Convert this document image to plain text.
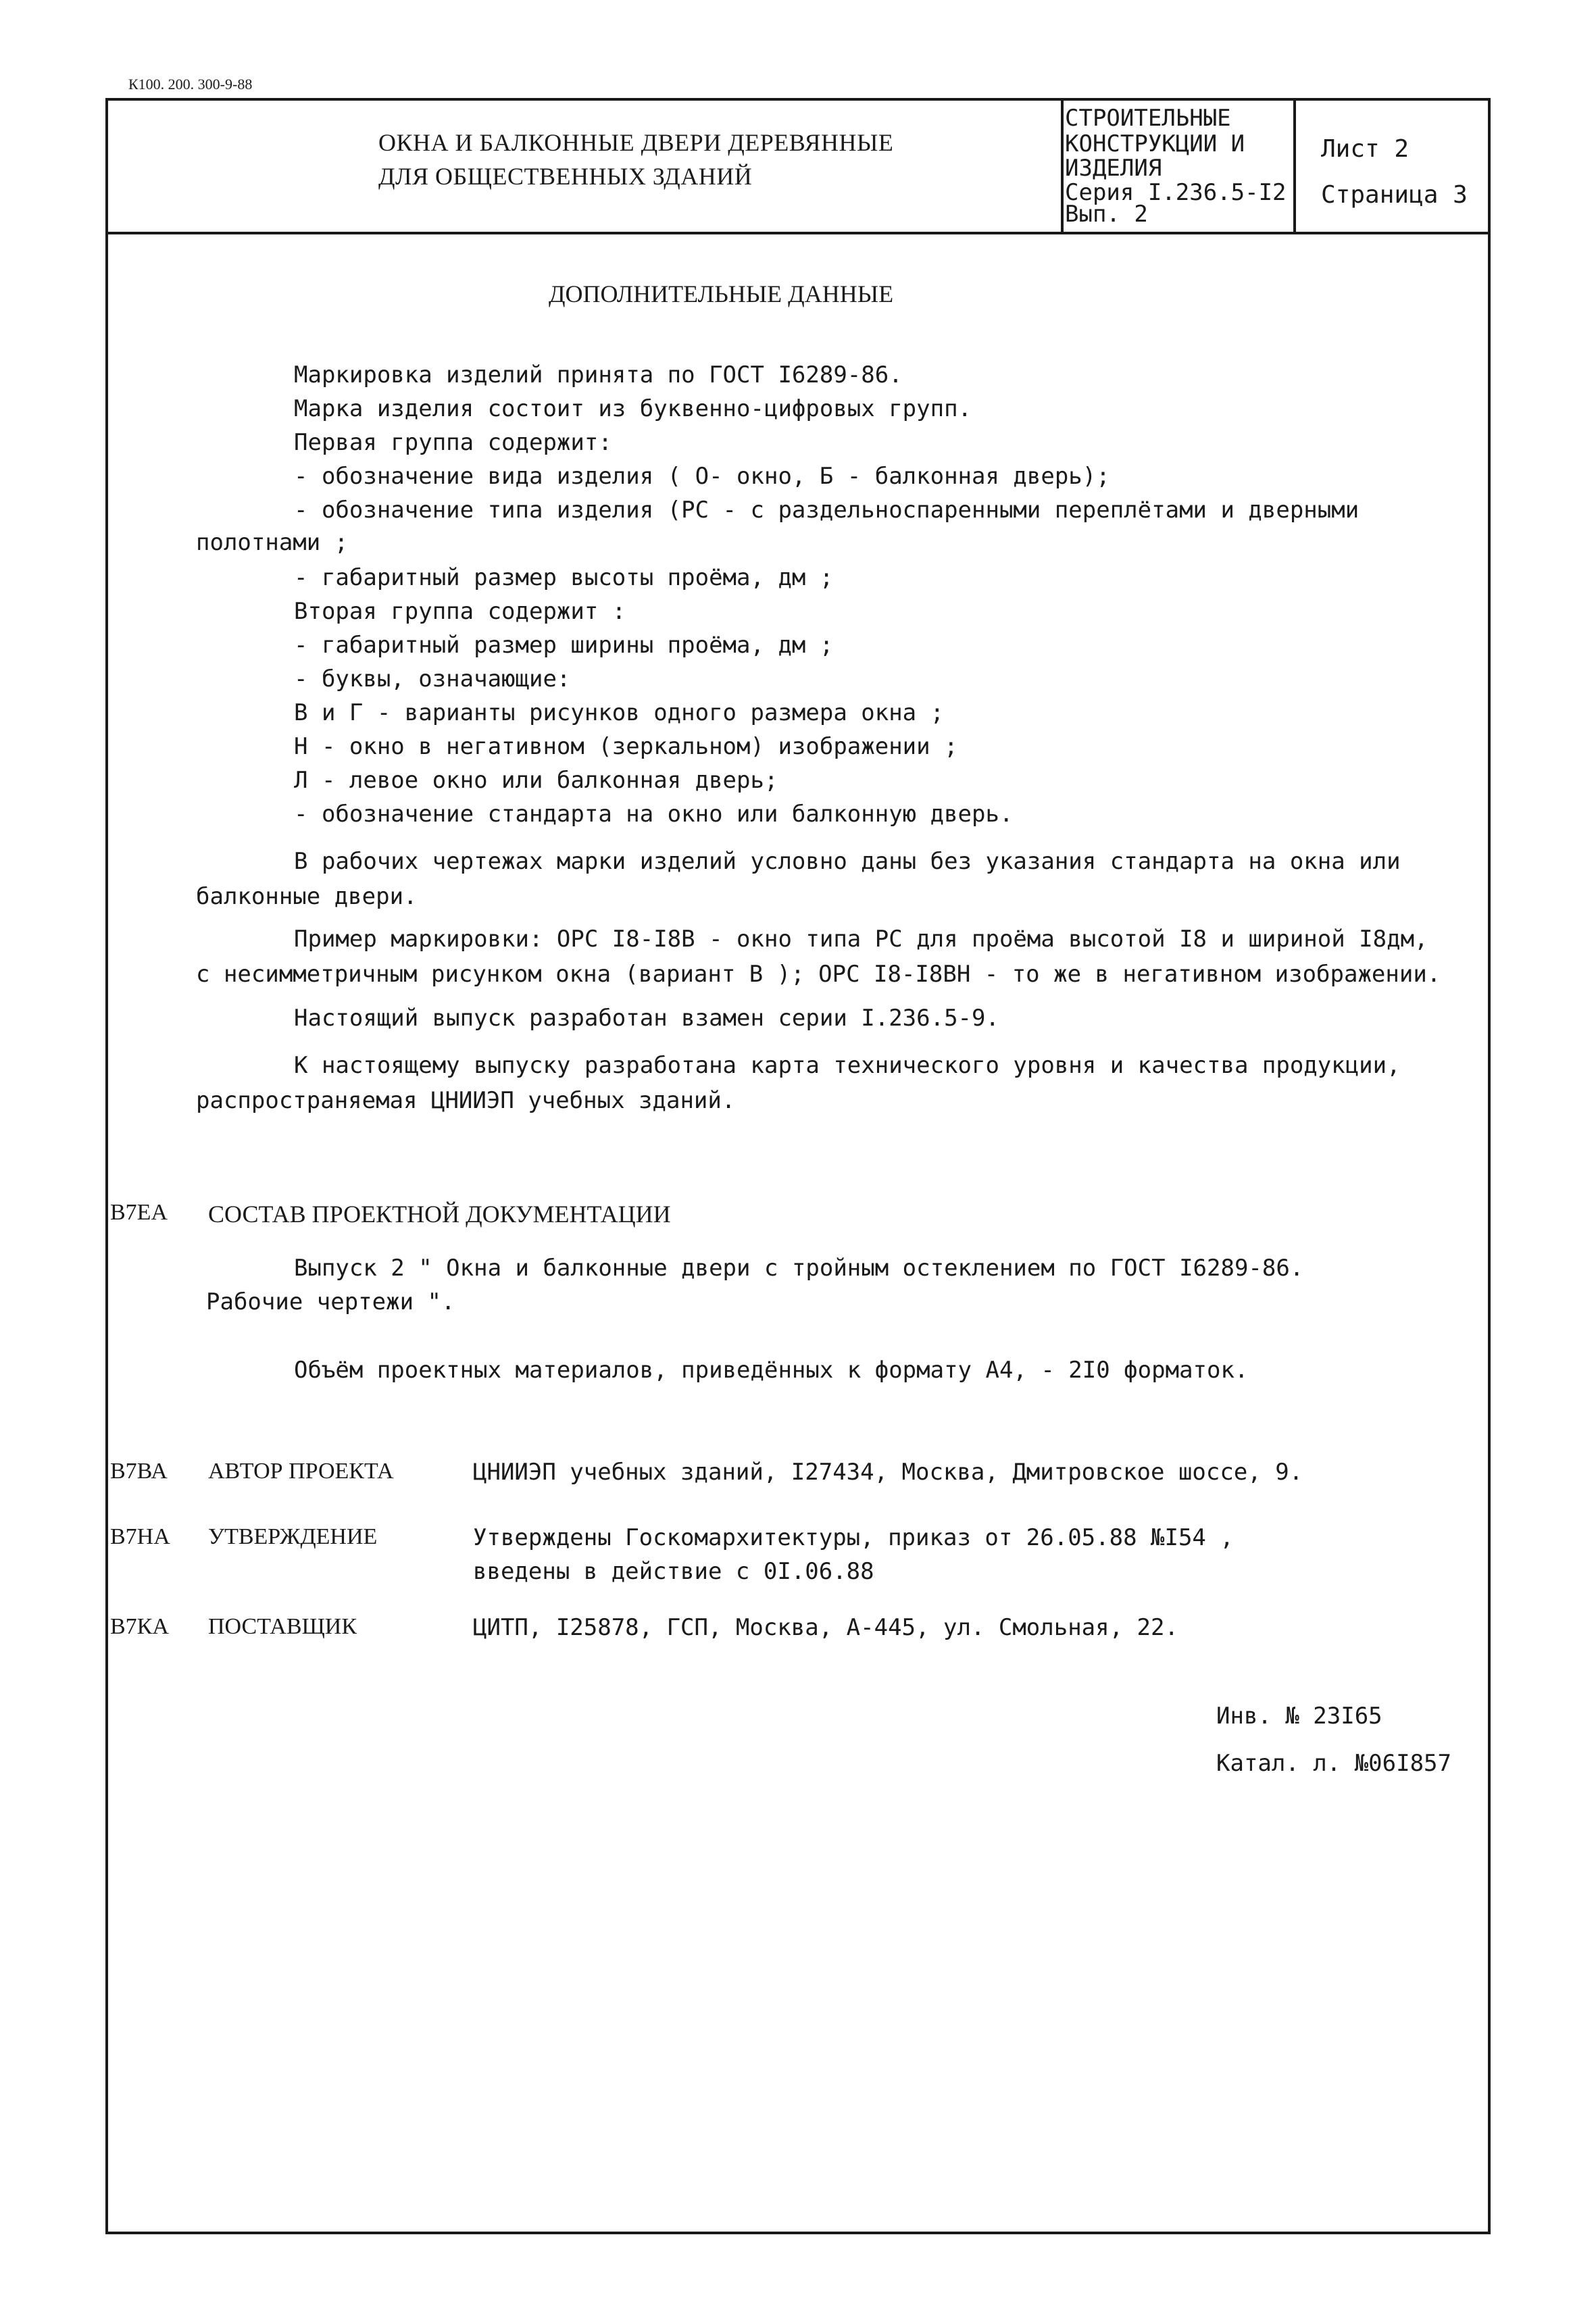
К100. 200. 300-9-88
ОКНА И БАЛКОННЫЕ ДВЕРИ ДЕРЕВЯННЫЕ
ДЛЯ ОБЩЕСТВЕННЫХ ЗДАНИЙ
СТРОИТЕЛЬНЫЕ
КОНСТРУКЦИИ И
ИЗДЕЛИЯ
Серия I.236.5-I2
Вып. 2
Лист 2
Страница 3
ДОПОЛНИТЕЛЬНЫЕ ДАННЫЕ
Маркировка изделий принята по ГОСТ I6289-86.
Марка изделия состоит из буквенно-цифровых групп.
Первая группа содержит:
- обозначение вида изделия ( О- окно, Б - балконная дверь);
- обозначение типа изделия (РС - с раздельноспаренными переплётами и дверными
полотнами ;
- габаритный размер высоты проёма, дм ;
Вторая группа содержит :
- габаритный размер ширины проёма, дм ;
- буквы, означающие:
В и Г - варианты рисунков одного размера окна ;
Н - окно в негативном (зеркальном) изображении ;
Л - левое окно или балконная дверь;
- обозначение стандарта на окно или балконную дверь.
В рабочих чертежах марки изделий условно даны без указания стандарта на окна или
балконные двери.
Пример маркировки: ОРС I8-I8В - окно типа РС для проёма высотой I8 и шириной I8дм,
с несимметричным рисунком окна (вариант В ); ОРС I8-I8ВН - то же в негативном изображении.
Настоящий выпуск разработан взамен серии I.236.5-9.
К настоящему выпуску разработана карта технического уровня и качества продукции,
распространяемая ЦНИИЭП учебных зданий.
В7ЕА СОСТАВ ПРОЕКТНОЙ ДОКУМЕНТАЦИИ
Выпуск 2 " Окна и балконные двери с тройным остеклением по ГОСТ I6289-86.
Рабочие чертежи ".
Объём проектных материалов, приведённых к формату А4, - 2I0 форматок.
В7ВА АВТОР ПРОЕКТА	ЦНИИЭП учебных зданий, I27434, Москва, Дмитровское шоссе, 9.
В7НА УТВЕРЖДЕНИЕ	Утверждены Госкомархитектуры, приказ от 26.05.88 №I54 ,
введены в действие с 0I.06.88
В7КА ПОСТАВЩИК	ЦИТП, I25878, ГСП, Москва, А-445, ул. Смольная, 22.
Инв. № 23I65
Катал. л. №06I857
